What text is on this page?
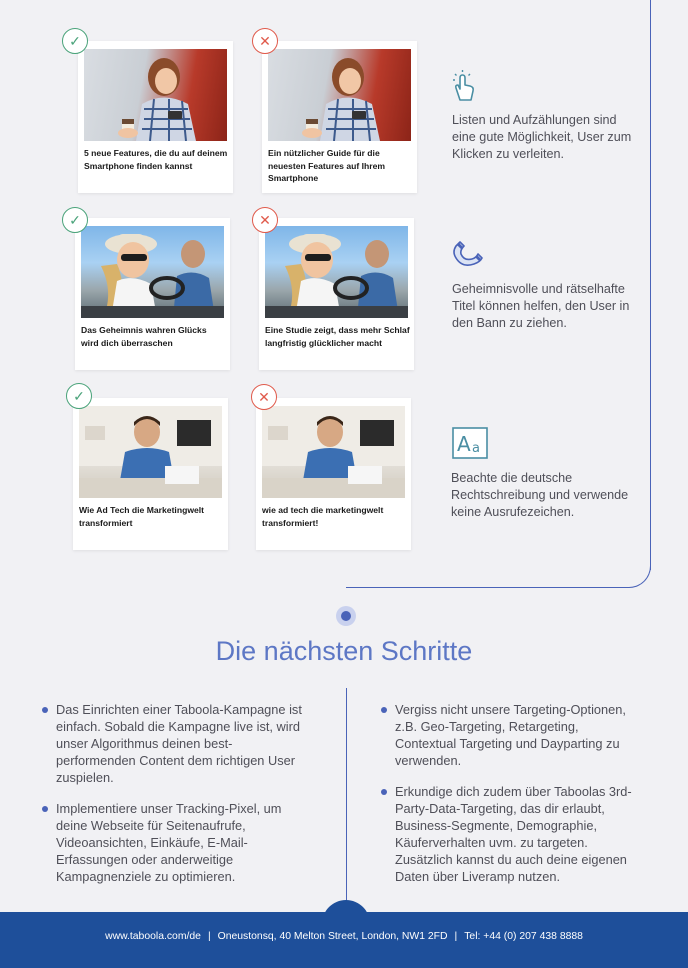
5 neue Features, die du auf deinem Smartphone finden kannst
✓
Ein nützlicher Guide für die neuesten Features auf Ihrem Smartphone
✕
Das Geheimnis wahren Glücks wird dich überraschen
✓
Eine Studie zeigt, dass mehr Schlaf langfristig glücklicher macht
✕
Wie Ad Tech die Marketingwelt transformiert
✓
wie ad tech die marketingwelt transformiert!
✕
Listen und Aufzählungen sind eine gute Möglichkeit, User zum Klicken zu verleiten.
Geheimnisvolle und rätselhafte Titel können helfen, den User in den Bann zu ziehen.
A a
Beachte die deutsche Rechtschreibung und verwende keine Ausrufezeichen.
Die nächsten Schritte
Das Einrichten einer Taboola-Kampagne ist einfach. Sobald die Kampagne live ist, wird unser Algorithmus deinen best-performenden Content dem richtigen User zuspielen.
Implementiere unser Tracking-Pixel, um deine Webseite für Seitenaufrufe, Videoansichten, Einkäufe, E-Mail-Erfassungen oder anderweitige Kampagnenziele zu optimieren.
Vergiss nicht unsere Targeting-Optionen, z.B. Geo-Targeting, Retargeting, Contextual Targeting und Dayparting zu verwenden.
Erkundige dich zudem über Taboolas 3rd-Party-Data-Targeting, das dir erlaubt, Business-Segmente, Demographie, Käuferverhalten uvm. zu targeten. Zusätzlich kannst du auch deine eigenen Daten über Liveramp nutzen.
www.taboola.com/de | Oneustonsq, 40 Melton Street, London, NW1 2FD | Tel: +44 (0) 207 438 8888
